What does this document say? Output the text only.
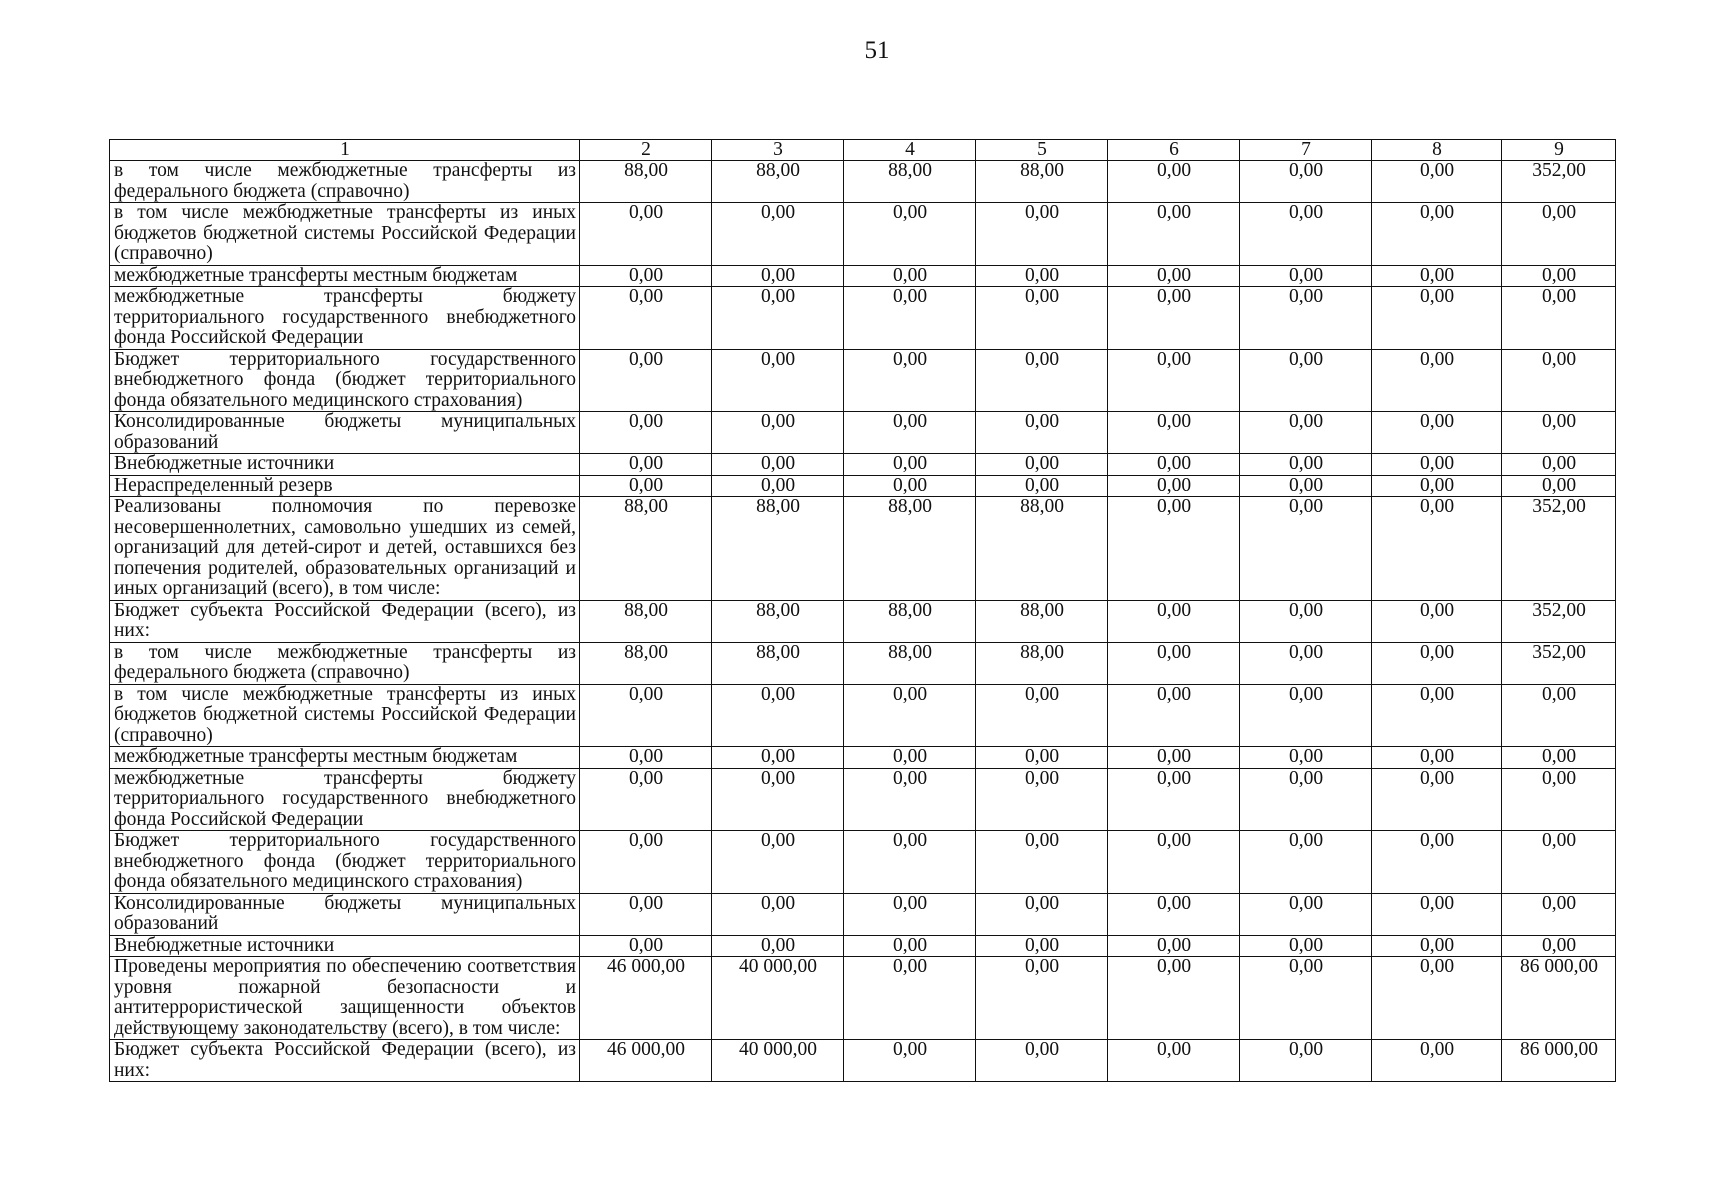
51
1	2	3	4	5	6	7	8	9
в том числе межбюджетные трансферты из федерального бюджета (справочно)	88,00	88,00	88,00	88,00	0,00	0,00	0,00	352,00
в том числе межбюджетные трансферты из иных бюджетов бюджетной системы Российской Федерации (справочно)	0,00	0,00	0,00	0,00	0,00	0,00	0,00	0,00
межбюджетные трансферты местным бюджетам	0,00	0,00	0,00	0,00	0,00	0,00	0,00	0,00
межбюджетные трансферты бюджету территориального государственного внебюджетного фонда Российской Федерации	0,00	0,00	0,00	0,00	0,00	0,00	0,00	0,00
Бюджет территориального государственного внебюджетного фонда (бюджет территориального фонда обязательного медицинского страхования)	0,00	0,00	0,00	0,00	0,00	0,00	0,00	0,00
Консолидированные бюджеты муниципальных образований	0,00	0,00	0,00	0,00	0,00	0,00	0,00	0,00
Внебюджетные источники	0,00	0,00	0,00	0,00	0,00	0,00	0,00	0,00
Нераспределенный резерв	0,00	0,00	0,00	0,00	0,00	0,00	0,00	0,00
Реализованы полномочия по перевозке несовершеннолетних, самовольно ушедших из семей, организаций для детей-сирот и детей, оставшихся без попечения родителей, образовательных организаций и иных организаций (всего), в том числе:	88,00	88,00	88,00	88,00	0,00	0,00	0,00	352,00
Бюджет субъекта Российской Федерации (всего), из них:	88,00	88,00	88,00	88,00	0,00	0,00	0,00	352,00
в том числе межбюджетные трансферты из федерального бюджета (справочно)	88,00	88,00	88,00	88,00	0,00	0,00	0,00	352,00
в том числе межбюджетные трансферты из иных бюджетов бюджетной системы Российской Федерации (справочно)	0,00	0,00	0,00	0,00	0,00	0,00	0,00	0,00
межбюджетные трансферты местным бюджетам	0,00	0,00	0,00	0,00	0,00	0,00	0,00	0,00
межбюджетные трансферты бюджету территориального государственного внебюджетного фонда Российской Федерации	0,00	0,00	0,00	0,00	0,00	0,00	0,00	0,00
Бюджет территориального государственного внебюджетного фонда (бюджет территориального фонда обязательного медицинского страхования)	0,00	0,00	0,00	0,00	0,00	0,00	0,00	0,00
Консолидированные бюджеты муниципальных образований	0,00	0,00	0,00	0,00	0,00	0,00	0,00	0,00
Внебюджетные источники	0,00	0,00	0,00	0,00	0,00	0,00	0,00	0,00
Проведены мероприятия по обеспечению соответствия уровня пожарной безопасности и антитеррористической защищенности объектов действующему законодательству (всего), в том числе:	46 000,00	40 000,00	0,00	0,00	0,00	0,00	0,00	86 000,00
Бюджет субъекта Российской Федерации (всего), из них:	46 000,00	40 000,00	0,00	0,00	0,00	0,00	0,00	86 000,00
